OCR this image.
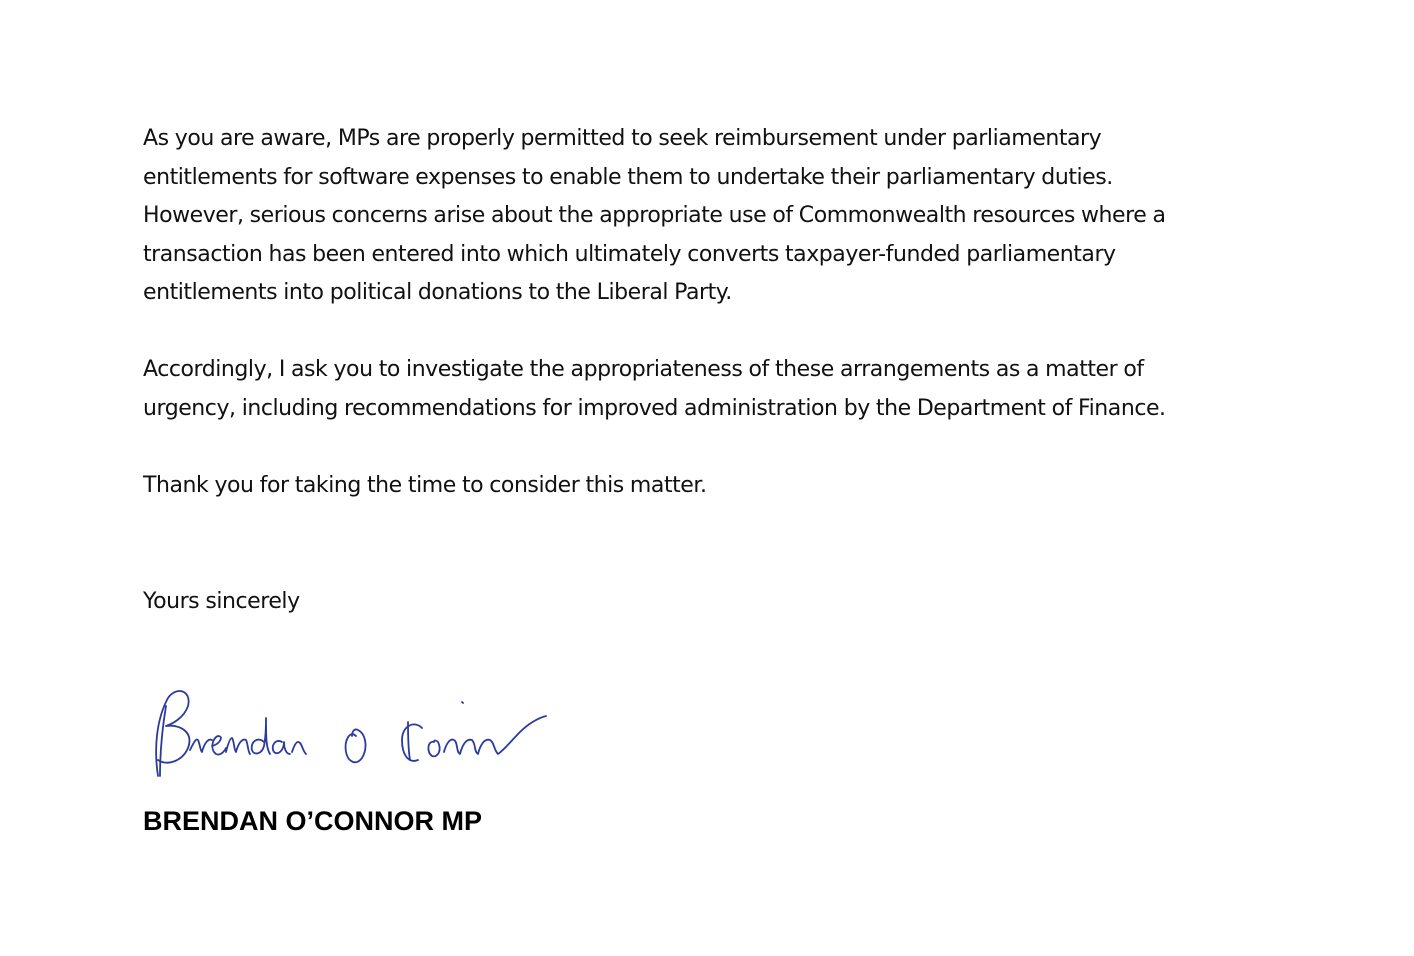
As you are aware, MPs are properly permitted to seek reimbursement under parliamentary
entitlements for software expenses to enable them to undertake their parliamentary duties.
However, serious concerns arise about the appropriate use of Commonwealth resources where a
transaction has been entered into which ultimately converts taxpayer-funded parliamentary
entitlements into political donations to the Liberal Party.

Accordingly, I ask you to investigate the appropriateness of these arrangements as a matter of
urgency, including recommendations for improved administration by the Department of Finance.

Thank you for taking the time to consider this matter.

Yours sincerely

BRENDAN O’CONNOR MP
